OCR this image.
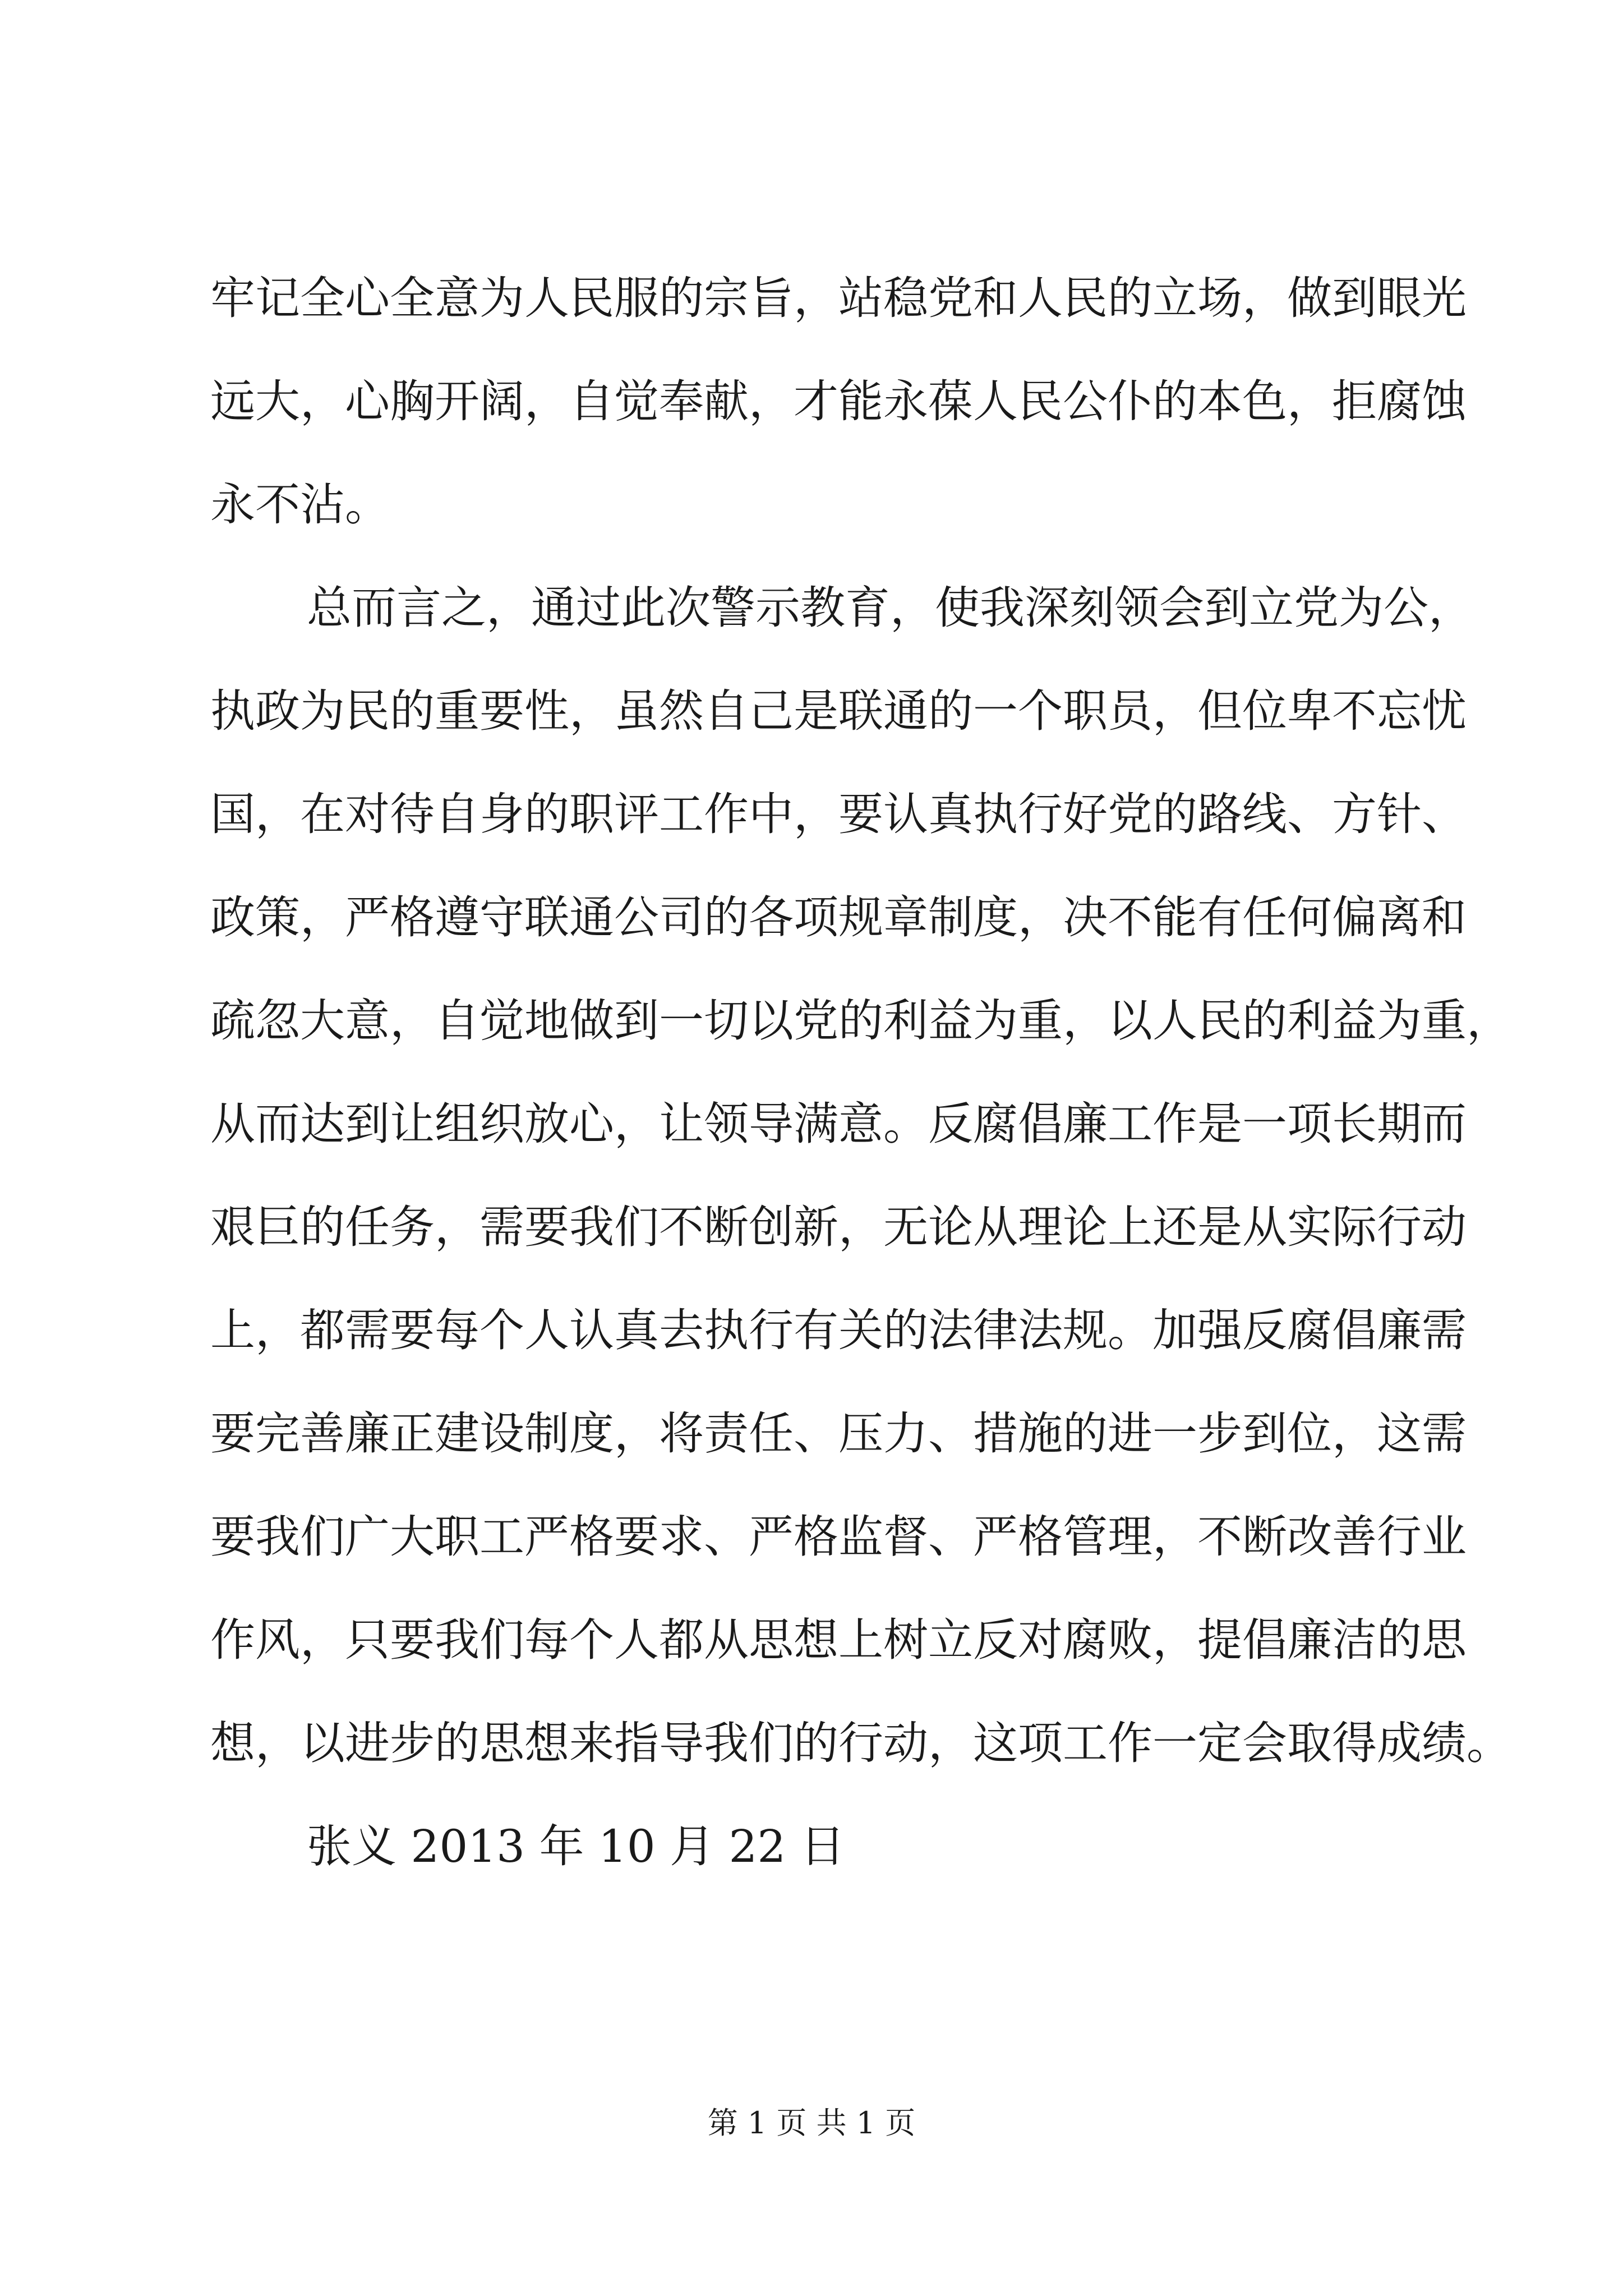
牢记全心全意为人民服的宗旨，站稳党和人民的立场，做到眼光
远大，心胸开阔，自觉奉献，才能永葆人民公仆的本色，拒腐蚀
永不沾。
总而言之，通过此次警示教育，使我深刻领会到立党为公，
执政为民的重要性，虽然自己是联通的一个职员，但位卑不忘忧
国，在对待自身的职评工作中，要认真执行好党的路线、方针、
政策，严格遵守联通公司的各项规章制度，决不能有任何偏离和
疏忽大意，自觉地做到一切以党的利益为重，以人民的利益为重，
从而达到让组织放心，让领导满意。反腐倡廉工作是一项长期而
艰巨的任务，需要我们不断创新，无论从理论上还是从实际行动
上，都需要每个人认真去执行有关的法律法规。加强反腐倡廉需
要完善廉正建设制度，将责任、压力、措施的进一步到位，这需
要我们广大职工严格要求、严格监督、严格管理，不断改善行业
作风，只要我们每个人都从思想上树立反对腐败，提倡廉洁的思
想，以进步的思想来指导我们的行动，这项工作一定会取得成绩。
张义 2013 年 10 月 22 日
第 1 页 共 1 页
